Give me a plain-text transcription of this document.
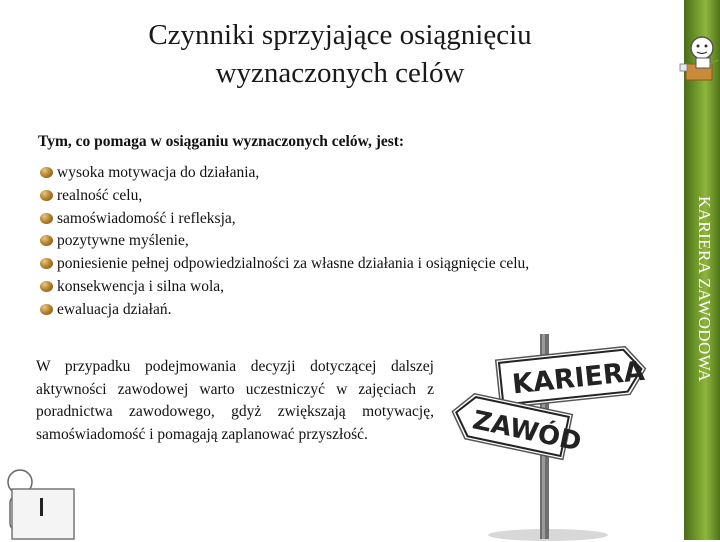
Czynniki sprzyjające osiągnięciu wyznaczonych celów
Tym, co pomaga w osiąganiu wyznaczonych celów, jest:
wysoka motywacja do działania,
realność celu,
samoświadomość i refleksja,
pozytywne myślenie,
poniesienie pełnej odpowiedzialności za własne działania i osiągnięcie celu,
konsekwencja i silna wola,
ewaluacja działań.
W przypadku podejmowania decyzji dotyczącej dalszej aktywności zawodowej warto uczestniczyć w zajęciach z poradnictwa zawodowego, gdyż zwiększają motywację, samoświadomość i pomagają zaplanować przyszłość.
KARIERA
ZAWÓD
KARIERA ZAWODOWA
